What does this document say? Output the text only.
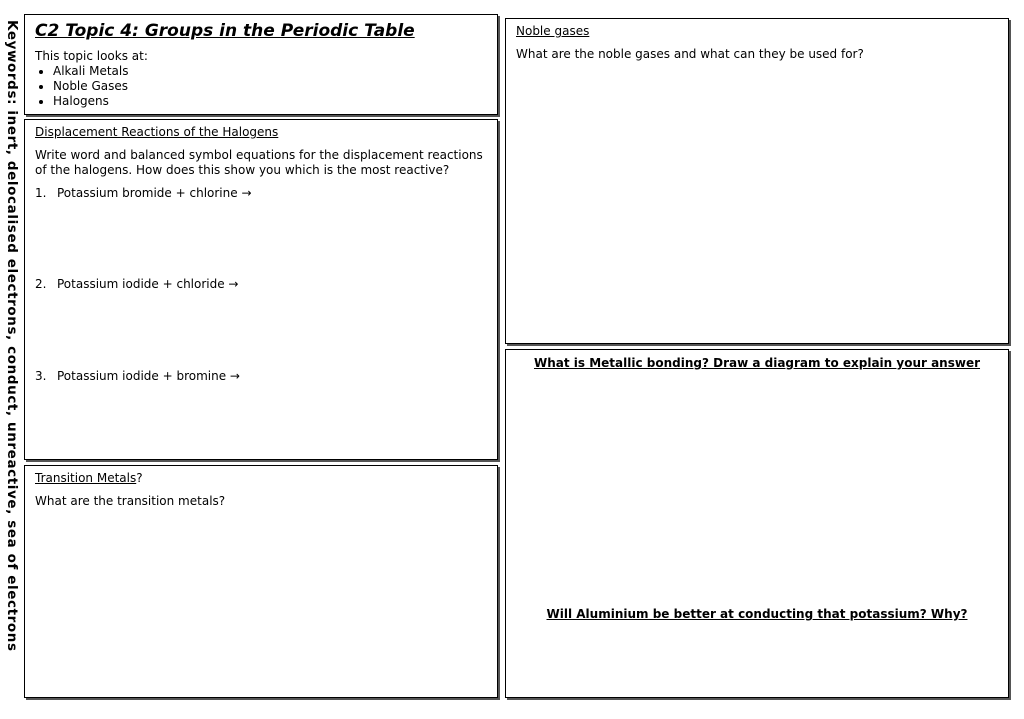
Keywords: inert, delocalised electrons, conduct, unreactive, sea of electrons C2 Topic 4: Groups in the Periodic Table

This topic looks at:

• Alkali Metals
• Noble Gases
• Halogens

Displacement Reactions of the Halogens

Write word and balanced symbol equations for the displacement reactions of the halogens. How does this show you which is the most reactive?

1. Potassium bromide + chlorine →
2. Potassium iodide + chloride →
3. Potassium iodide + bromine →

Transition Metals?

What are the transition metals?

Noble gases

What are the noble gases and what can they be used for?

What is Metallic bonding? Draw a diagram to explain your answer
Will Aluminium be better at conducting that potassium? Why?
